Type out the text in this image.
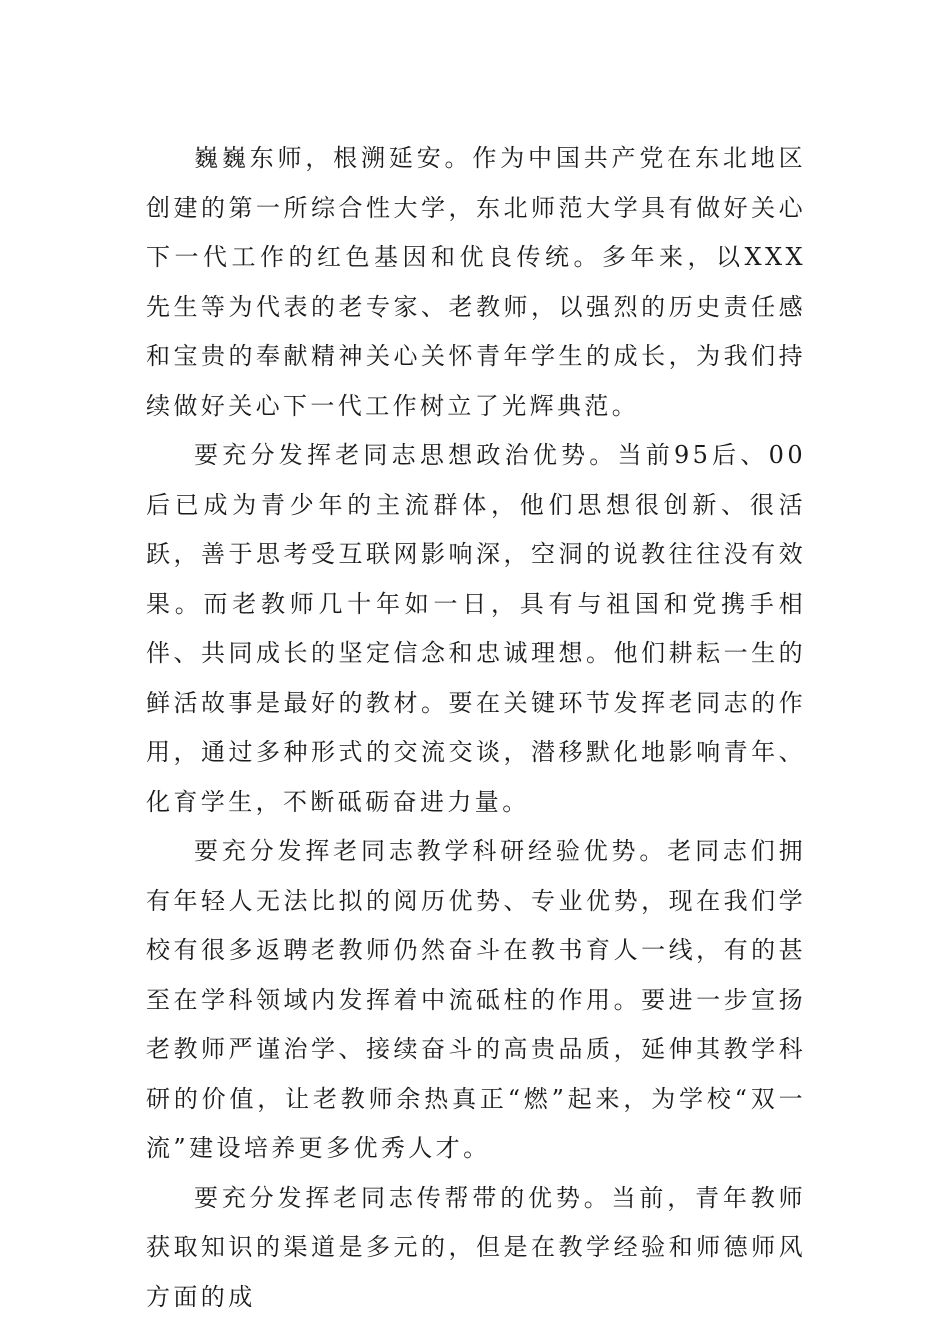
巍巍东师，根溯延安。作为中国共产党在东北地区创建的第一所综合性大学，东北师范大学具有做好关心下一代工作的红色基因和优良传统。多年来，以XXX先生等为代表的老专家、老教师，以强烈的历史责任感和宝贵的奉献精神关心关怀青年学生的成长，为我们持续做好关心下一代工作树立了光辉典范。

要充分发挥老同志思想政治优势。当前95后、00后已成为青少年的主流群体，他们思想很创新、很活跃，善于思考受互联网影响深，空洞的说教往往没有效果。而老教师几十年如一日，具有与祖国和党携手相伴、共同成长的坚定信念和忠诚理想。他们耕耘一生的鲜活故事是最好的教材。要在关键环节发挥老同志的作用，通过多种形式的交流交谈，潜移默化地影响青年、化育学生，不断砥砺奋进力量。

要充分发挥老同志教学科研经验优势。老同志们拥有年轻人无法比拟的阅历优势、专业优势，现在我们学校有很多返聘老教师仍然奋斗在教书育人一线，有的甚至在学科领域内发挥着中流砥柱的作用。要进一步宣扬老教师严谨治学、接续奋斗的高贵品质，延伸其教学科研的价值，让老教师余热真正“燃”起来，为学校“双一流”建设培养更多优秀人才。

要充分发挥老同志传帮带的优势。当前，青年教师获取知识的渠道是多元的，但是在教学经验和师德师风方面的成
